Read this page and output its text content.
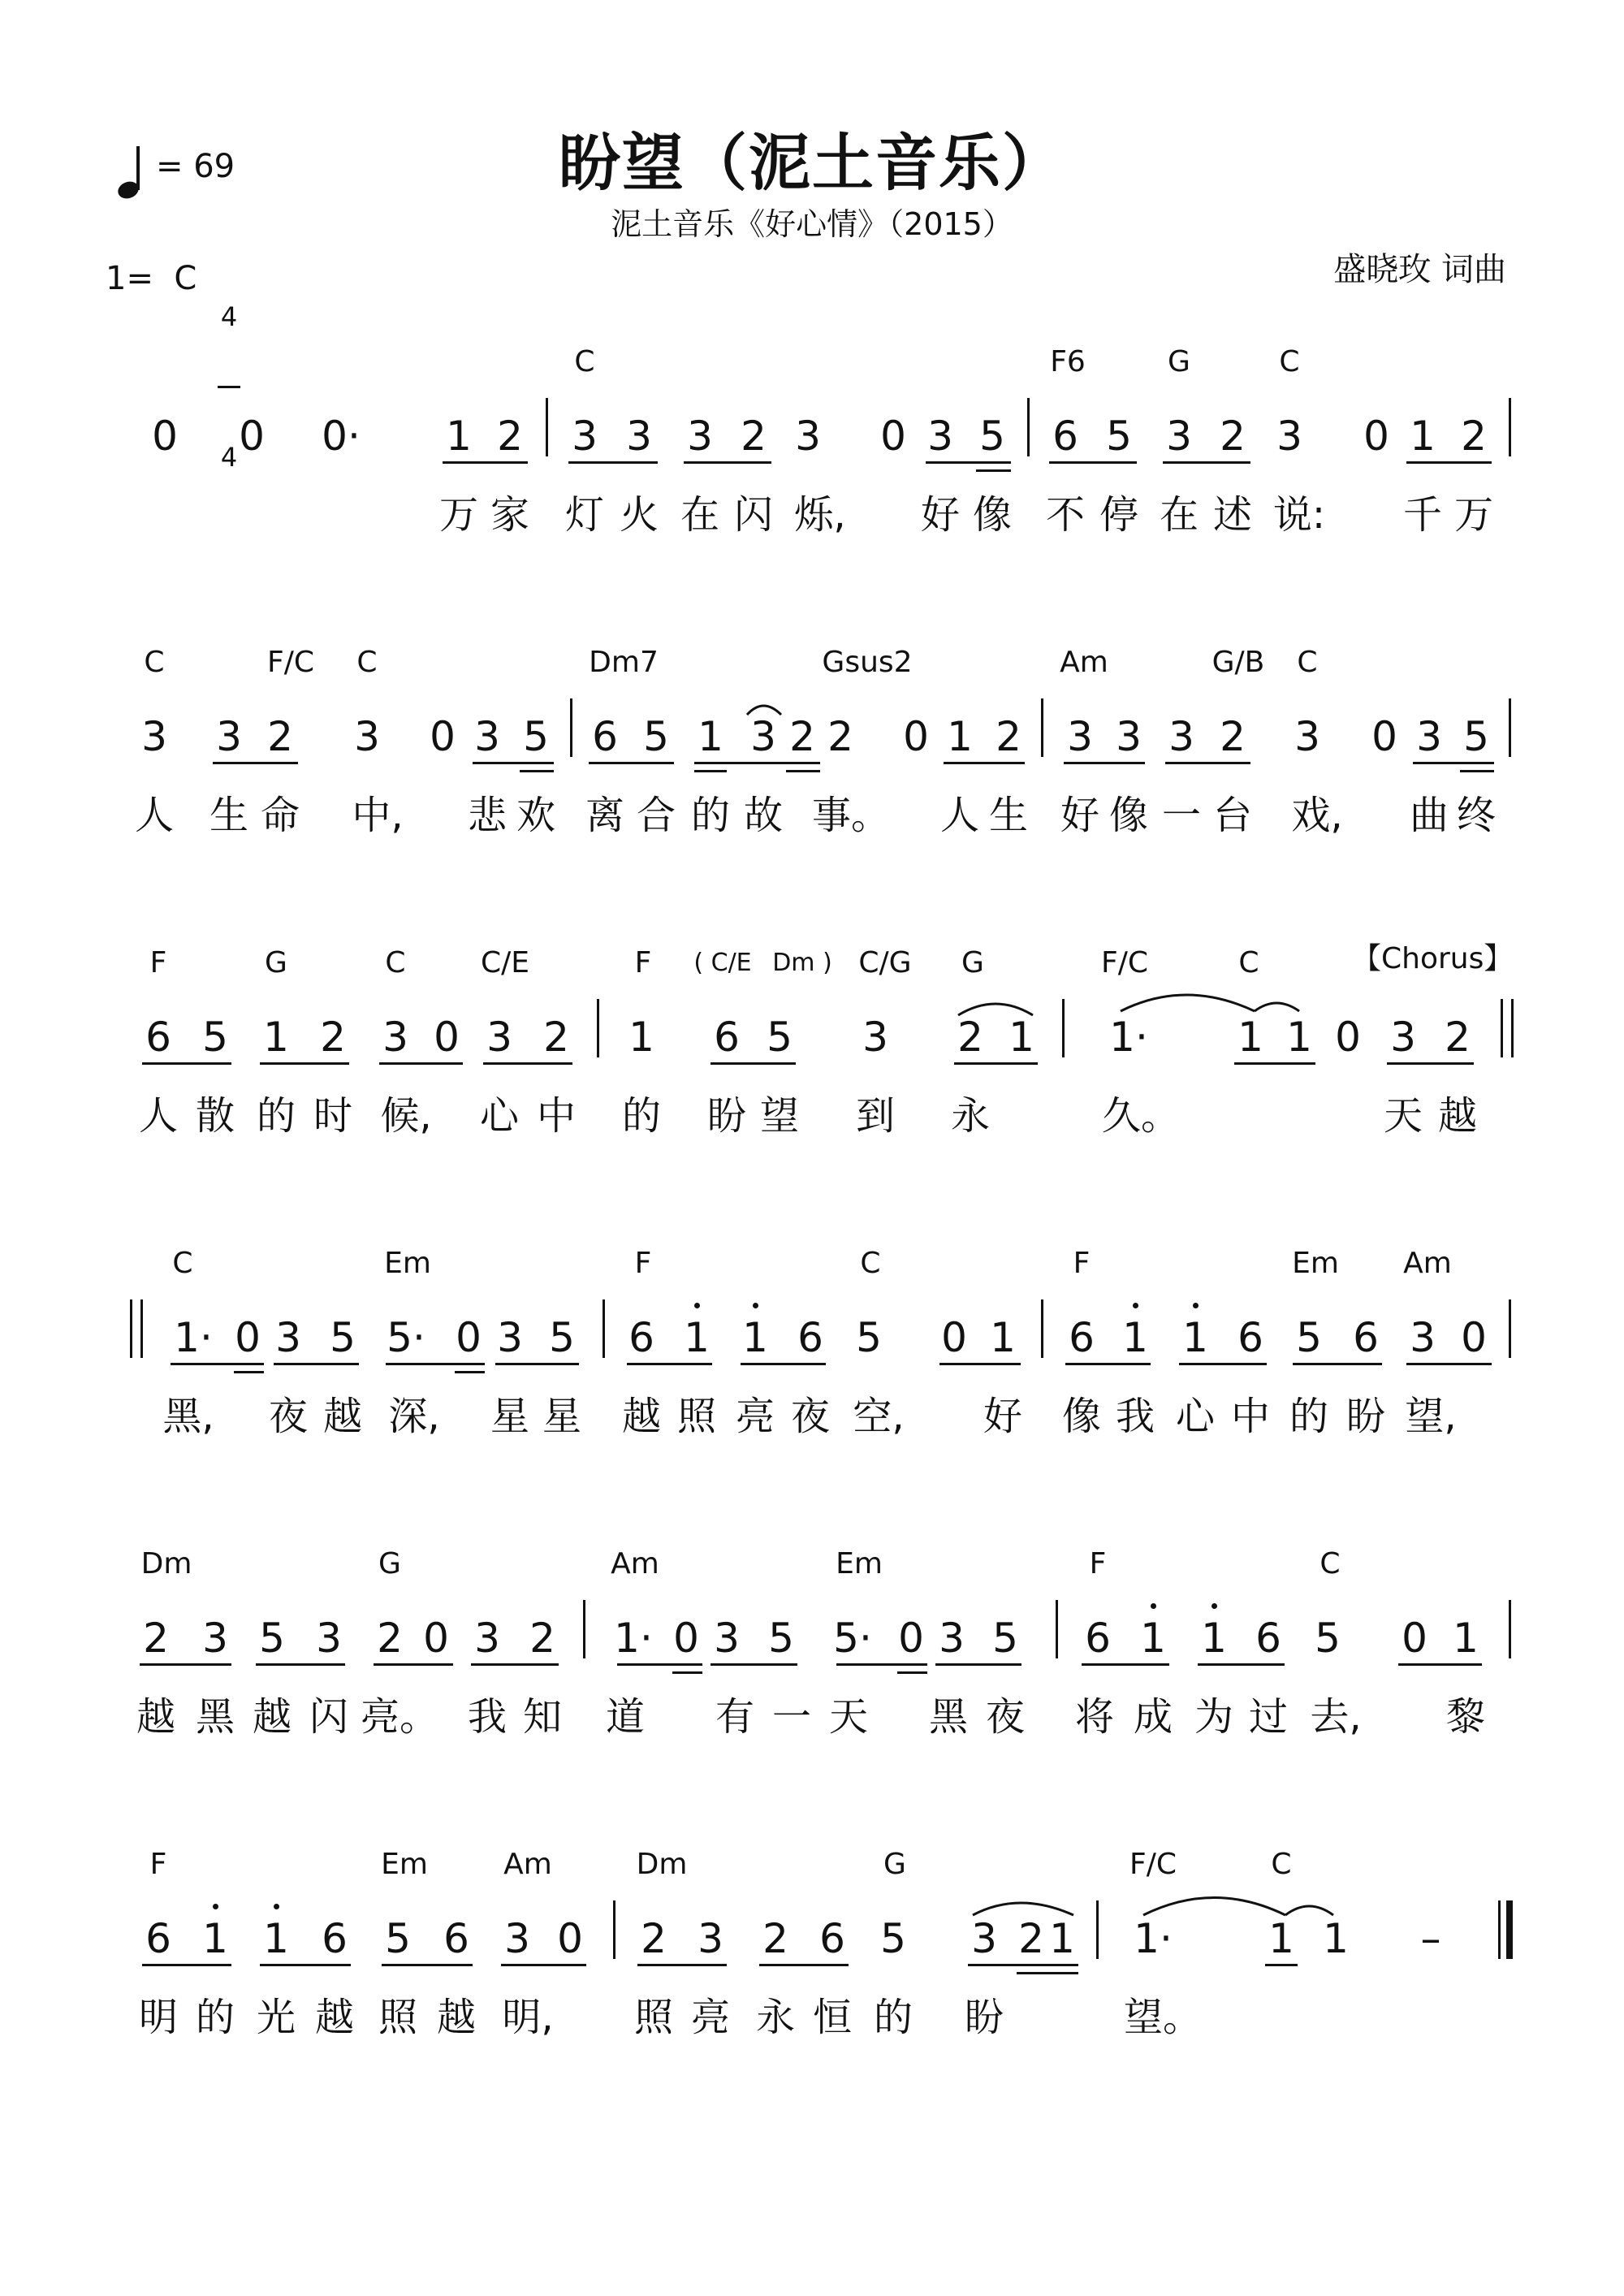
盼望（泥土音乐）
泥土音乐《好心情》（2015）
盛晓玫 词曲
= 69
1=  C

4

4

C	F6	G	C
0 0 0· 1 2 3 3 3 2 3 0 3 5 6 5 3 2 3 0 1 2
万 家 灯 火 在 闪 烁, 好 像 不 停 在 述 说: 千 万
C	F/C C	Dm7	Gsus2	Am	G/B C
3 3 2 3 0 3 5 6 5 1 3 2 2 0 1 2 3 3 3 2 3 0 3 5
人 生 命 中, 悲 欢 离 合 的 故 事。 人 生 好 像 一 台 戏, 曲 终
F	G	C	C/E	F ( C/E Dm ) C/G G	F/C	C	【Chorus】
6 5 1 2 3 0 3 2 1 6 5 3 2 1 1· 1 1 0 3 2
人 散 的 时 候, 心 中 的 盼 望 到 永	久。	天 越
C	Em	F	C	F	Em Am
1· 0 3 5 5· 0 3 5 6 1 1 6 5 0 1 6 1 1 6 5 6 3 0
黑, 夜 越 深, 星 星 越 照 亮 夜 空, 好 像 我 心 中 的 盼 望,
Dm	G	Am	Em	F	C
2 3 5 3 2 0 3 2 1· 0 3 5 5· 0 3 5 6 1 1 6 5 0 1
越 黑 越 闪 亮。 我 知 道 有 一 天 黑 夜 将 成 为 过 去, 黎
F	Em	Am	Dm	G	F/C	C
6 1 1 6 5 6 3 0 2 3 2 6 5 3 2 1 1· 1 1 –
明 的 光 越 照 越 明, 照 亮 永 恒 的 盼	望。
